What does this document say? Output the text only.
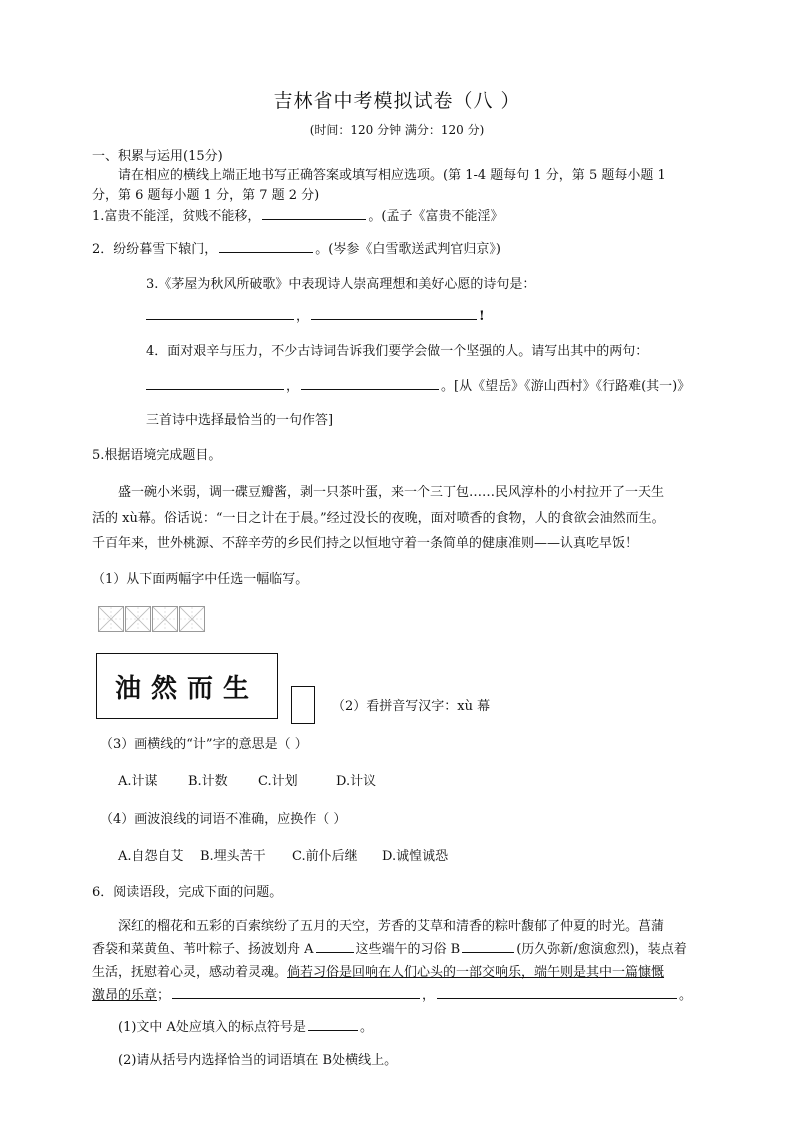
吉林省中考模拟试卷（八 ）
(时间：120 分钟 满分：120 分)
一、积累与运用(15分)
请在相应的横线上端正地书写正确答案或填写相应选项。(第 1-4 题每句 1 分，第 5 题每小题 1
分，第 6 题每小题 1 分，第 7 题 2 分)
1.富贵不能淫，贫贱不能移，	。(孟子《富贵不能淫》
2．纷纷暮雪下辕门，	。(岑参《白雪歌送武判官归京》)
3.《茅屋为秋风所破歌》中表现诗人崇高理想和美好心愿的诗句是：
，	!
4．面对艰辛与压力，不少古诗词告诉我们要学会做一个坚强的人。请写出其中的两句：
，	。[从《望岳》《游山西村》《行路难(其一)》
三首诗中选择最恰当的一句作答]
5.根据语境完成题目。
盛一碗小米弱，调一碟豆瓣酱，剥一只茶叶蛋，来一个三丁包……民风淳朴的小村拉开了一天生
活的 xù幕。俗话说：“一日之计在于晨。”经过没长的夜晚，面对喷香的食物，人的食欲会油然而生。
千百年来，世外桃源、不辞辛劳的乡民们持之以恒地守着一条简单的健康准则——认真吃早饭！
（1）从下面两幅字中任选一幅临写。
油然而生
（2）看拼音写汉字：xù 幕
（3）画横线的“计”字的意思是（ ）
A.计谋 B.计数 C.计划	D.计议
（4）画波浪线的词语不准确，应换作（ ）
A.自怨自艾 B.埋头苦干 C.前仆后继 D.诚惶诚恐
6．阅读语段，完成下面的问题。
深红的榴花和五彩的百索缤纷了五月的天空，芳香的艾草和清香的粽叶馥郁了仲夏的时光。菖蒲
香袋和菜黄鱼、苇叶粽子、扬波划舟 A	这些端午的习俗 B	(历久弥新/愈演愈烈)，装点着
生活，抚慰着心灵，感动着灵魂。倘若习俗是回响在人们心头的一部交响乐，端午则是其中一篇慷慨
激昂的乐章；	，	。
(1)文中 A处应填入的标点符号是	。
(2)请从括号内选择恰当的词语填在 B处横线上。
